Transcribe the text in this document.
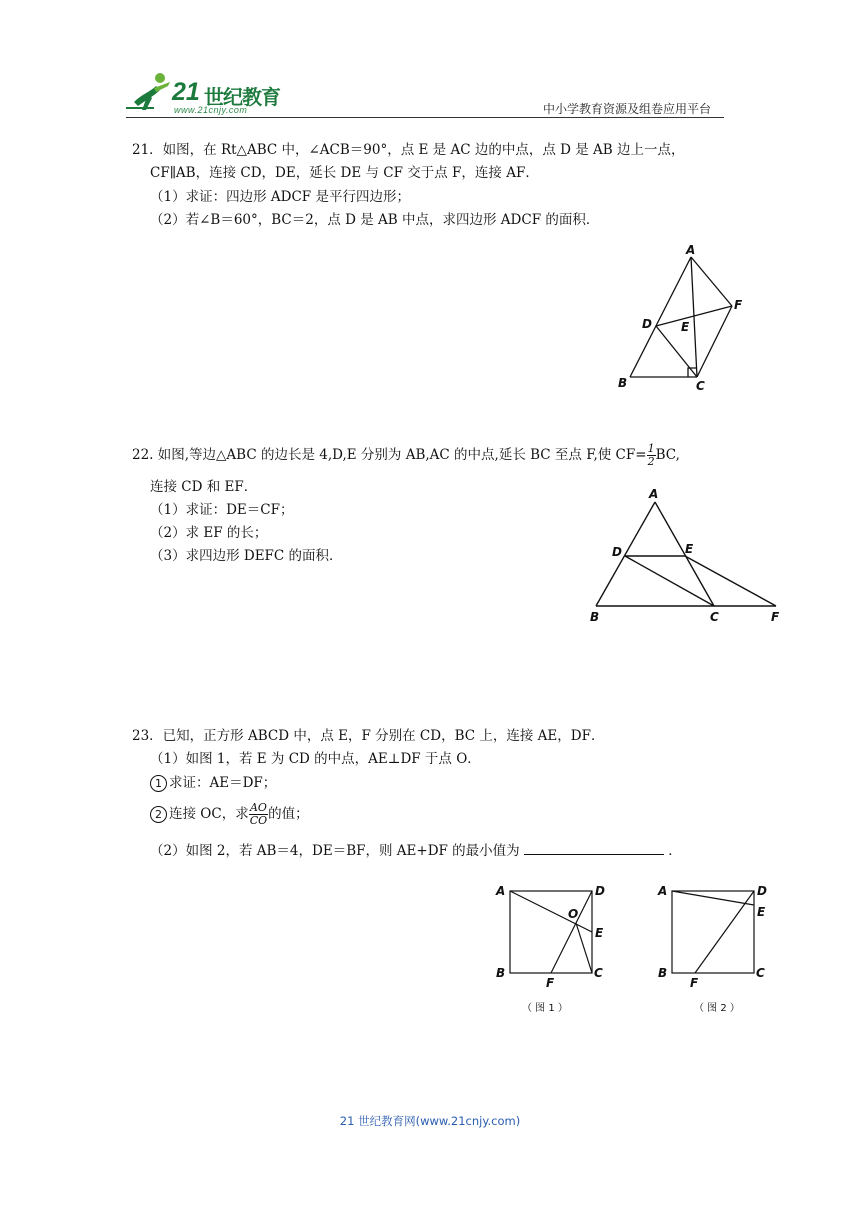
21 世纪教育
www.21cnjy.com	中小学教育资源及组卷应用平台
21．如图，在 Rt△ABC 中，∠ACB＝90°，点 E 是 AC 边的中点，点 D 是 AB 边上一点，
CF∥AB，连接 CD，DE，延长 DE 与 CF 交于点 F，连接 AF．
（1）求证：四边形 ADCF 是平行四边形；
（2）若∠B＝60°，BC＝2，点 D 是 AB 中点，求四边形 ADCF 的面积．
A
B	C
D E
F
22. 如图,等边△ABC 的边长是 4,D,E 分别为 AB,AC 的中点,延长 BC 至点 F,使 $CF= \frac{1}{2}$ BC,
连接 CD 和 EF．
（1）求证：DE＝CF；
（2）求 EF 的长；
（3）求四边形 DEFC 的面积．
A
B	C
D	E
F
23．已知，正方形 ABCD 中，点 E，F 分别在 CD，BC 上，连接 AE，DF．
（1）如图 1，若 E 为 CD 的中点，AE⊥DF 于点 O．
1 求证：AE＝DF；
2 连接 OC，求 $\frac{AO}{CO}$ 的值；
（2）如图 2，若 AB＝4，DE＝BF，则 AE+DF 的最小值为	．
A	D
O
E
B	C
F
（ 图 1 ）
A	D
E
B	C
F
（ 图 2 ）
21 世纪教育网(www.21cnjy.com)
